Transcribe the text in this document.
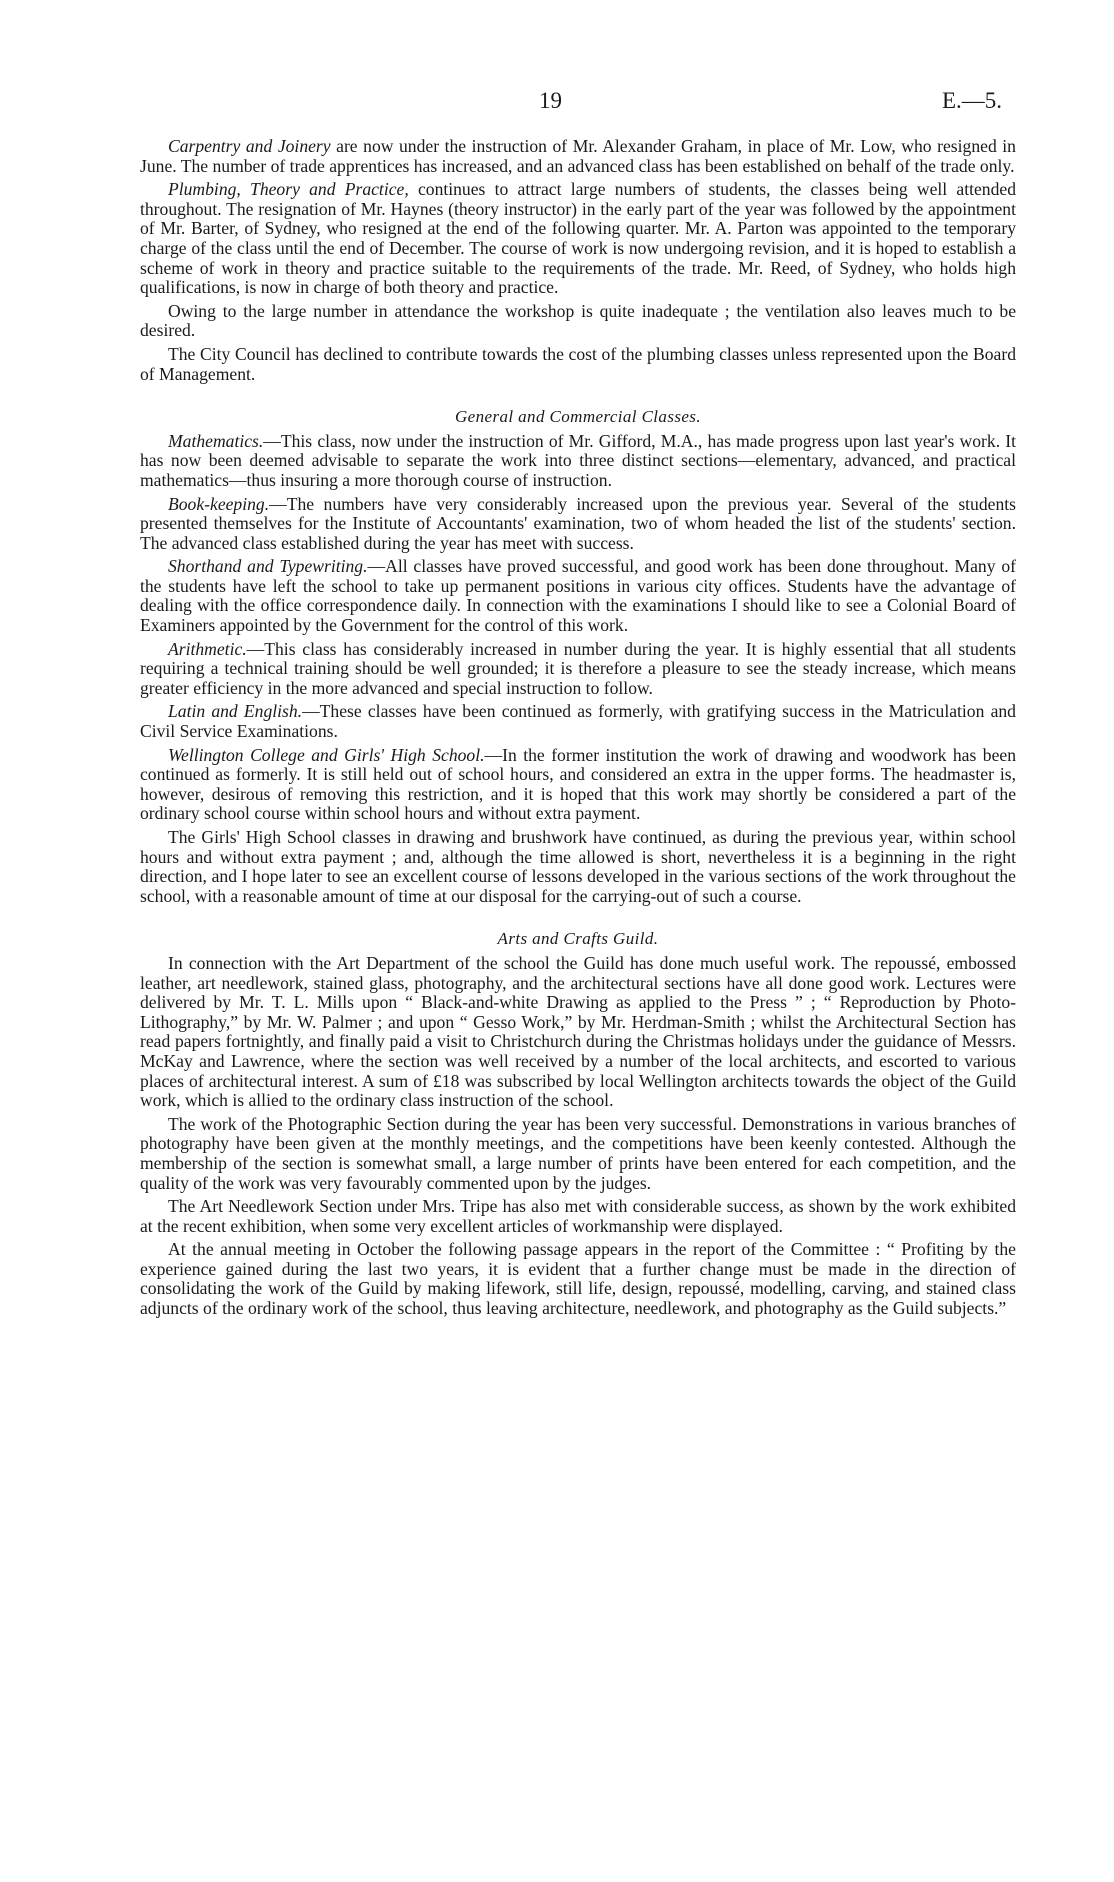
19	E.—5.

Carpentry and Joinery are now under the instruction of Mr. Alexander Graham, in place of Mr. Low, who resigned in June. The number of trade apprentices has increased, and an advanced class has been established on behalf of the trade only.

Plumbing, Theory and Practice, continues to attract large numbers of students, the classes being well attended throughout. The resignation of Mr. Haynes (theory instructor) in the early part of the year was followed by the appointment of Mr. Barter, of Sydney, who resigned at the end of the following quarter. Mr. A. Parton was appointed to the temporary charge of the class until the end of December. The course of work is now undergoing revision, and it is hoped to establish a scheme of work in theory and practice suitable to the requirements of the trade. Mr. Reed, of Sydney, who holds high qualifications, is now in charge of both theory and practice.

Owing to the large number in attendance the workshop is quite inadequate ; the ventilation also leaves much to be desired.

The City Council has declined to contribute towards the cost of the plumbing classes unless represented upon the Board of Management.

General and Commercial Classes.

Mathematics.—This class, now under the instruction of Mr. Gifford, M.A., has made progress upon last year's work. It has now been deemed advisable to separate the work into three distinct sections—elementary, advanced, and practical mathematics—thus insuring a more thorough course of instruction.

Book-keeping.—The numbers have very considerably increased upon the previous year. Several of the students presented themselves for the Institute of Accountants' examination, two of whom headed the list of the students' section. The advanced class established during the year has meet with success.

Shorthand and Typewriting.—All classes have proved successful, and good work has been done throughout. Many of the students have left the school to take up permanent positions in various city offices. Students have the advantage of dealing with the office correspondence daily. In connection with the examinations I should like to see a Colonial Board of Examiners appointed by the Government for the control of this work.

Arithmetic.—This class has considerably increased in number during the year. It is highly essential that all students requiring a technical training should be well grounded; it is therefore a pleasure to see the steady increase, which means greater efficiency in the more advanced and special instruction to follow.

Latin and English.—These classes have been continued as formerly, with gratifying success in the Matriculation and Civil Service Examinations.

Wellington College and Girls' High School.—In the former institution the work of drawing and woodwork has been continued as formerly. It is still held out of school hours, and considered an extra in the upper forms. The headmaster is, however, desirous of removing this restriction, and it is hoped that this work may shortly be considered a part of the ordinary school course within school hours and without extra payment.

The Girls' High School classes in drawing and brushwork have continued, as during the previous year, within school hours and without extra payment ; and, although the time allowed is short, nevertheless it is a beginning in the right direction, and I hope later to see an excellent course of lessons developed in the various sections of the work throughout the school, with a reasonable amount of time at our disposal for the carrying-out of such a course.

Arts and Crafts Guild.

In connection with the Art Department of the school the Guild has done much useful work. The repoussé, embossed leather, art needlework, stained glass, photography, and the architectural sections have all done good work. Lectures were delivered by Mr. T. L. Mills upon “ Black-and-white Drawing as applied to the Press ” ; “ Reproduction by Photo-Lithography,” by Mr. W. Palmer ; and upon “ Gesso Work,” by Mr. Herdman-Smith ; whilst the Architectural Section has read papers fortnightly, and finally paid a visit to Christchurch during the Christmas holidays under the guidance of Messrs. McKay and Lawrence, where the section was well received by a number of the local architects, and escorted to various places of architectural interest. A sum of £18 was subscribed by local Wellington architects towards the object of the Guild work, which is allied to the ordinary class instruction of the school.

The work of the Photographic Section during the year has been very successful. Demonstrations in various branches of photography have been given at the monthly meetings, and the competitions have been keenly contested. Although the membership of the section is somewhat small, a large number of prints have been entered for each competition, and the quality of the work was very favourably commented upon by the judges.

The Art Needlework Section under Mrs. Tripe has also met with considerable success, as shown by the work exhibited at the recent exhibition, when some very excellent articles of workmanship were displayed.

At the annual meeting in October the following passage appears in the report of the Committee : “ Profiting by the experience gained during the last two years, it is evident that a further change must be made in the direction of consolidating the work of the Guild by making lifework, still life, design, repoussé, modelling, carving, and stained class adjuncts of the ordinary work of the school, thus leaving architecture, needlework, and photography as the Guild subjects.”
